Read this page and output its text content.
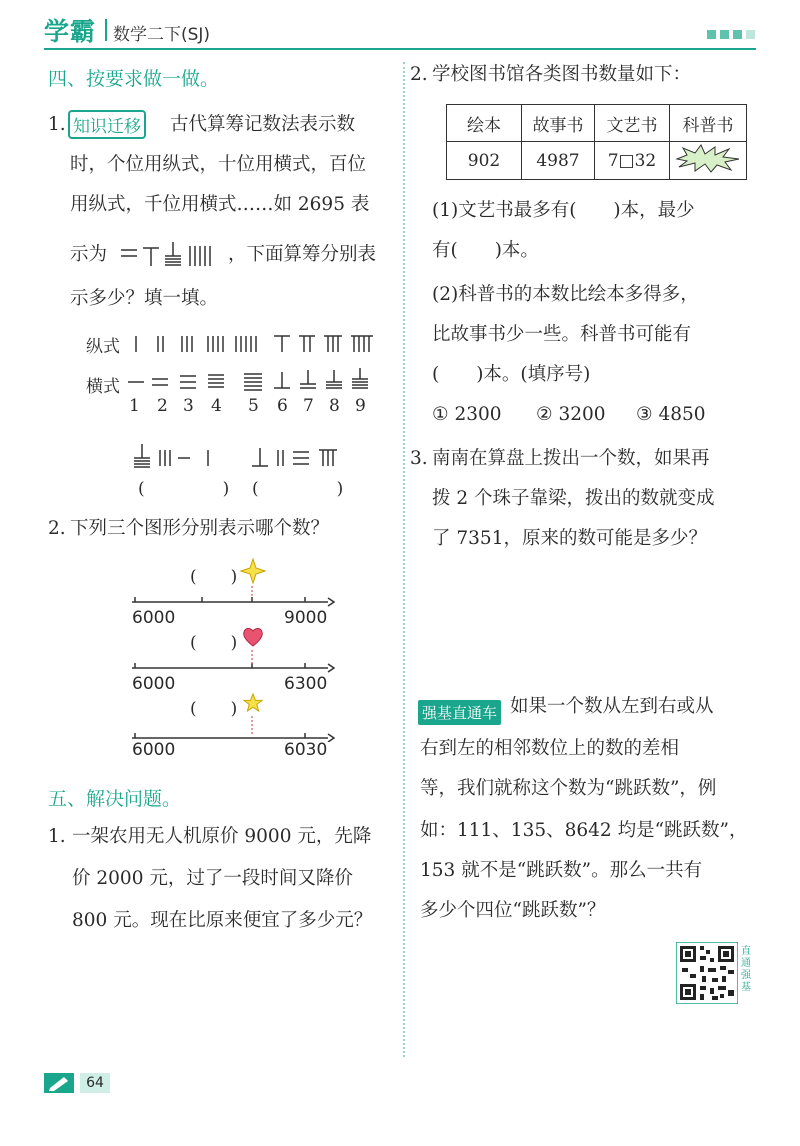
学霸 数学二下(SJ)
四、按要求做一做。
1. 知识迁移 古代算筹记数法表示数
时，个位用纵式，十位用横式，百位
用纵式，千位用横式……如 2695 表
示为	，下面算筹分别表
示多少？填一填。
纵式
横式
1 2 3 4 5 6 7 8 9
(　　　　) (　　　　)
2. 下列三个图形分别表示哪个数？
(　　)
6000	9000
(　　)
6000	6300
(　　)
6000	6030
五、解决问题。
1. 一架农用无人机原价 9000 元，先降
价 2000 元，过了一段时间又降价
800 元。现在比原来便宜了多少元？
2. 学校图书馆各类图书数量如下：
绘本	故事书	文艺书	科普书
902	4987	7□32	
(1)文艺书最多有(　　)本，最少
有(　　)本。
(2)科普书的本数比绘本多得多，
比故事书少一些。科普书可能有
(　　)本。(填序号)
① 2300 ② 3200 ③ 4850
3. 南南在算盘上拨出一个数，如果再
拨 2 个珠子靠梁，拨出的数就变成
了 7351，原来的数可能是多少？
强基直通车 如果一个数从左到右或从
右到左的相邻数位上的数的差相
等，我们就称这个数为“跳跃数”，例
如：111、135、8642 均是“跳跃数”，
153 就不是“跳跃数”。那么一共有
多少个四位“跳跃数”？
直通强基
64
